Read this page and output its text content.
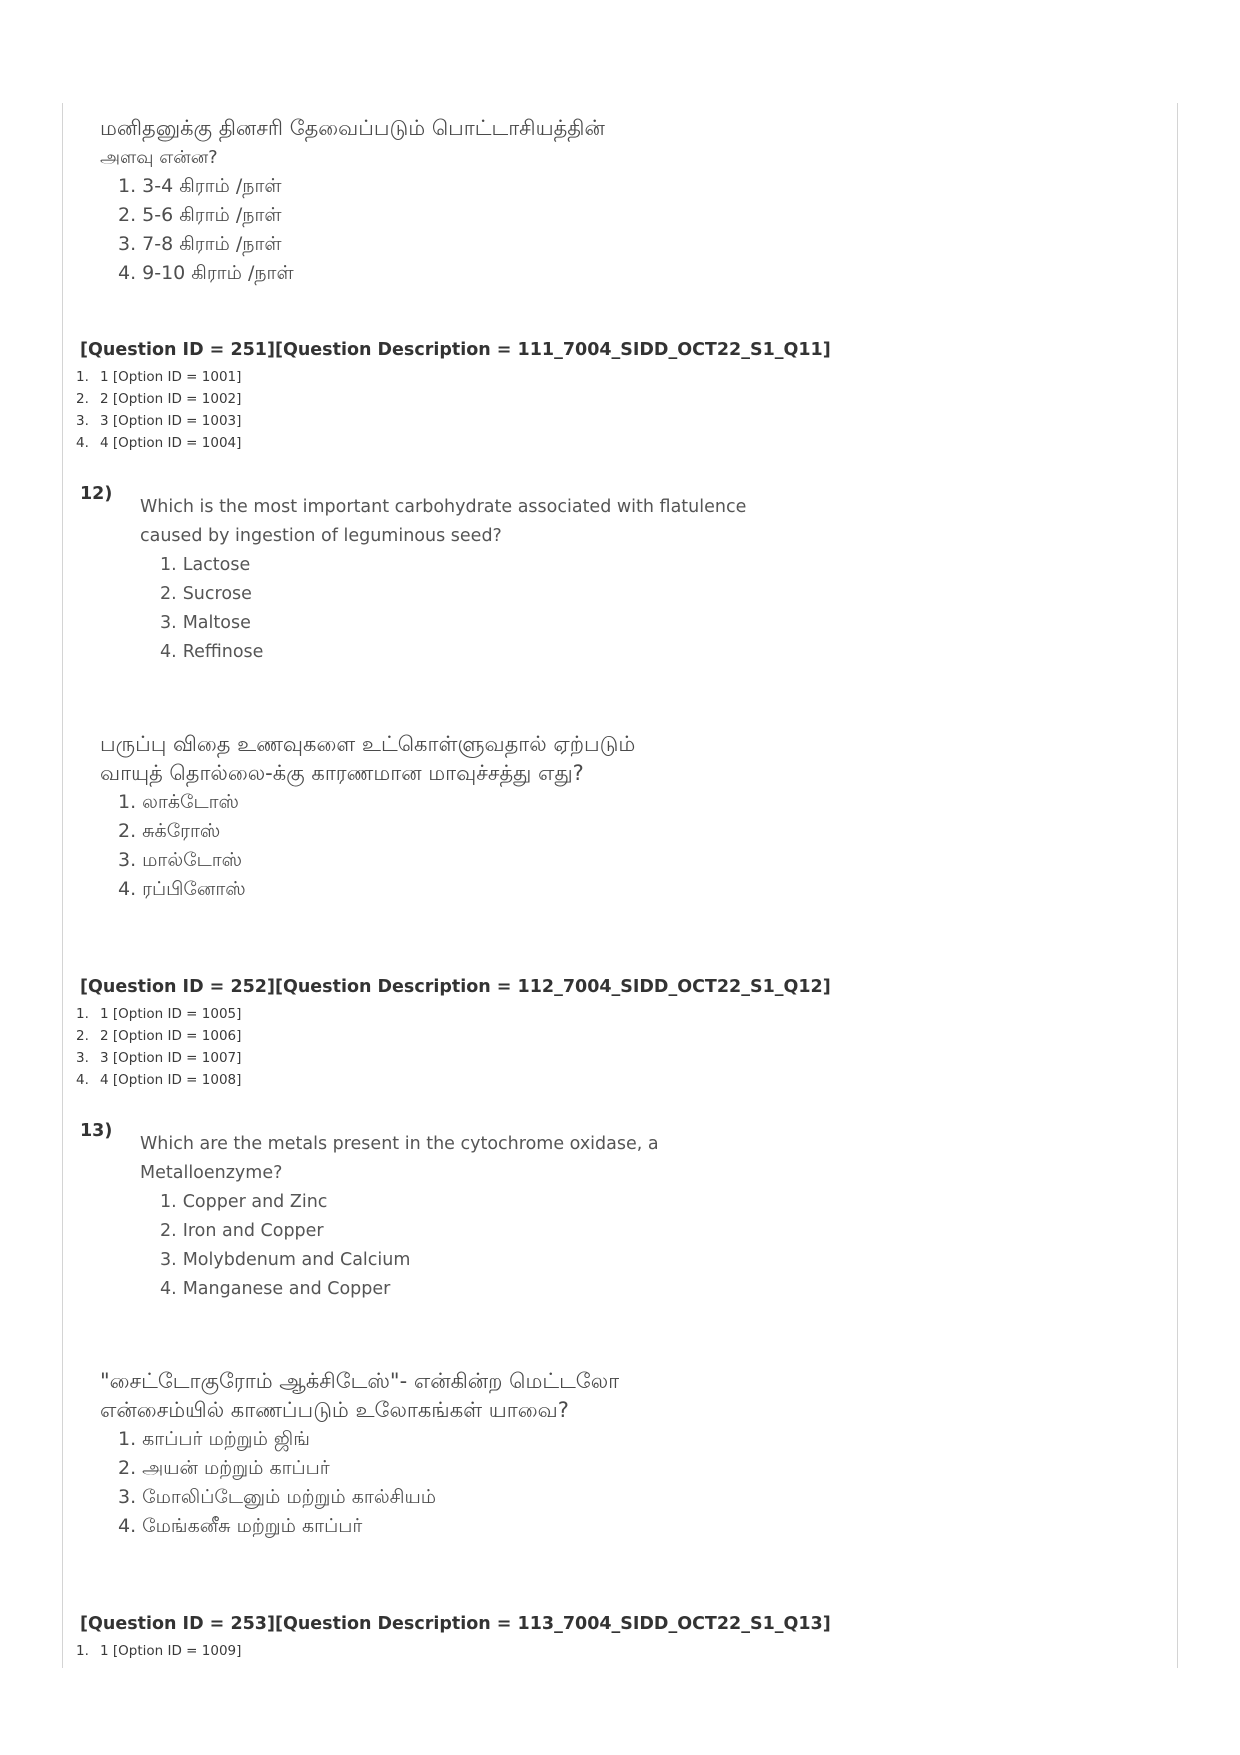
மனிதனுக்கு தினசரி தேவைப்படும் பொட்டாசியத்தின்
அளவு என்ன?
1. 3-4 கிராம் /நாள்
2. 5-6 கிராம் /நாள்
3. 7-8 கிராம் /நாள்
4. 9-10 கிராம் /நாள்
[Question ID = 251][Question Description = 111_7004_SIDD_OCT22_S1_Q11]
1. 1 [Option ID = 1001]
2. 2 [Option ID = 1002]
3. 3 [Option ID = 1003]
4. 4 [Option ID = 1004]
12)
Which is the most important carbohydrate associated with flatulence
caused by ingestion of leguminous seed?
1. Lactose
2. Sucrose
3. Maltose
4. Reffinose
பருப்பு விதை உணவுகளை உட்கொள்ளுவதால் ஏற்படும்
வாயுத் தொல்லை-க்கு காரணமான மாவுச்சத்து எது?
1. லாக்டோஸ்
2. சுக்ரோஸ்
3. மால்டோஸ்
4. ரப்பினோஸ்
[Question ID = 252][Question Description = 112_7004_SIDD_OCT22_S1_Q12]
1. 1 [Option ID = 1005]
2. 2 [Option ID = 1006]
3. 3 [Option ID = 1007]
4. 4 [Option ID = 1008]
13)
Which are the metals present in the cytochrome oxidase, a
Metalloenzyme?
1. Copper and Zinc
2. Iron and Copper
3. Molybdenum and Calcium
4. Manganese and Copper
"சைட்டோகுரோம் ஆக்சிடேஸ்"- என்கின்ற மெட்டலோ
என்சைம்யில் காணப்படும் உலோகங்கள் யாவை?
1. காப்பர் மற்றும் ஜிங்
2. அயன் மற்றும் காப்பர்
3. மோலிப்டேனும் மற்றும் கால்சியம்
4. மேங்கனீசு மற்றும் காப்பர்
[Question ID = 253][Question Description = 113_7004_SIDD_OCT22_S1_Q13]
1. 1 [Option ID = 1009]
